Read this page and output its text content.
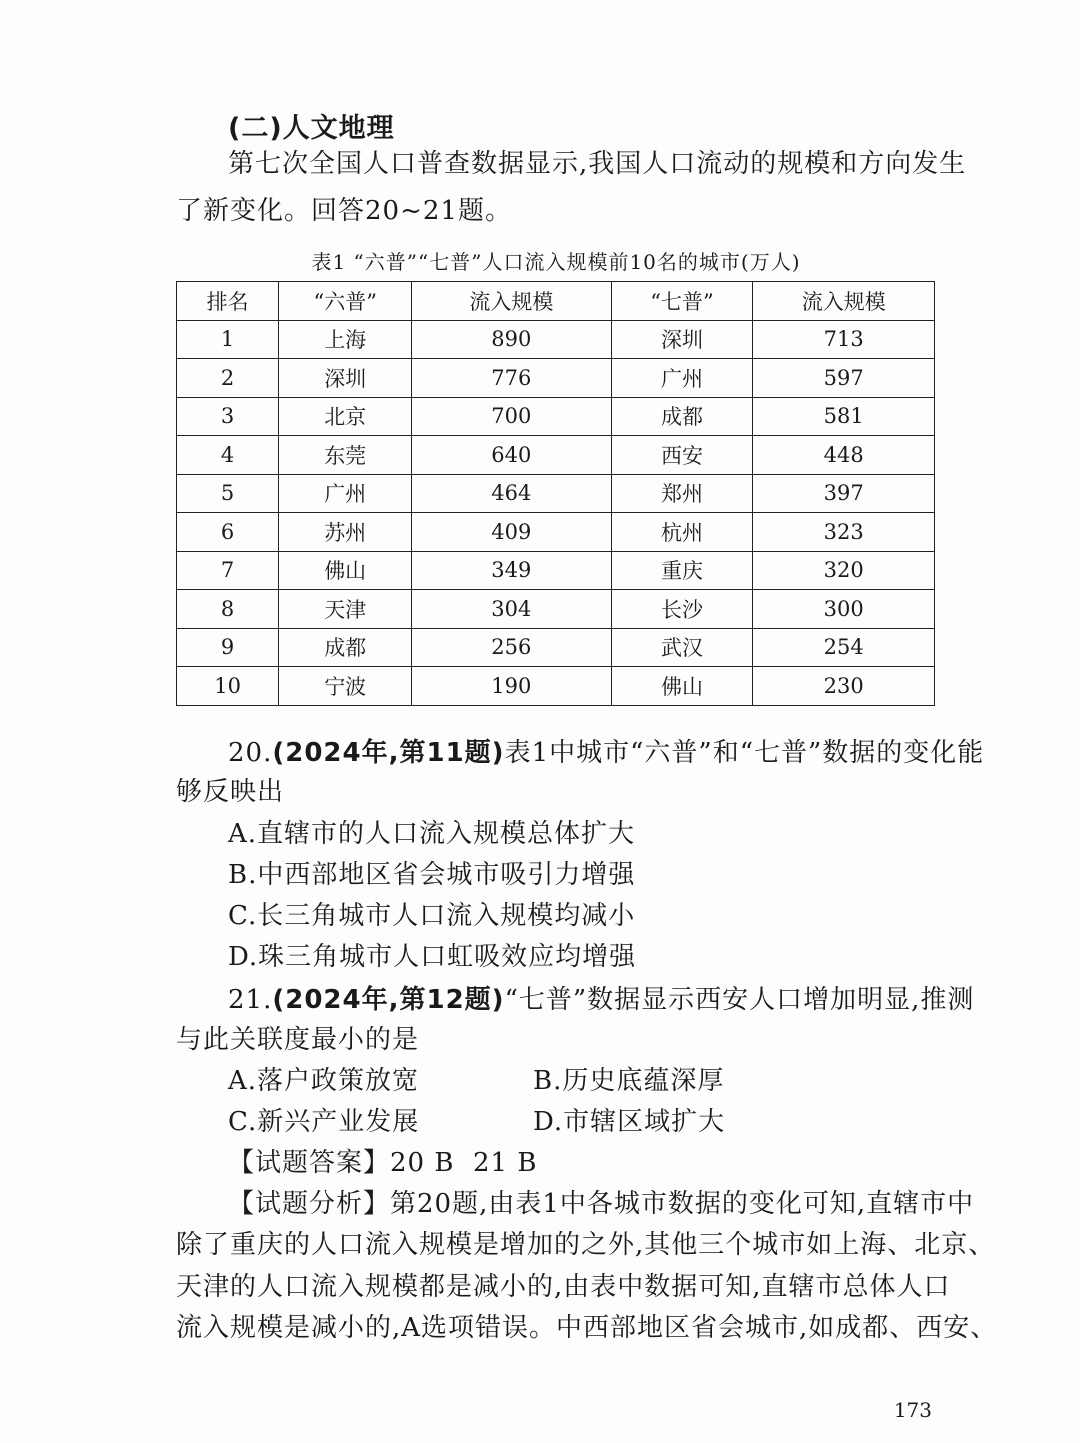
(二)人文地理
第七次全国人口普查数据显示,我国人口流动的规模和方向发生
了新变化。回答20~21题。
表1 “六普”“七普”人口流入规模前10名的城市(万人)
排名	“六普”	流入规模	“七普”	流入规模
1	上海	890	深圳	713
2	深圳	776	广州	597
3	北京	700	成都	581
4	东莞	640	西安	448
5	广州	464	郑州	397
6	苏州	409	杭州	323
7	佛山	349	重庆	320
8	天津	304	长沙	300
9	成都	256	武汉	254
10	宁波	190	佛山	230
20.(2024年,第11题)表1中城市“六普”和“七普”数据的变化能
够反映出
A.直辖市的人口流入规模总体扩大
B.中西部地区省会城市吸引力增强
C.长三角城市人口流入规模均减小
D.珠三角城市人口虹吸效应均增强
21.(2024年,第12题)“七普”数据显示西安人口增加明显,推测
与此关联度最小的是
A.落户政策放宽	B.历史底蕴深厚
C.新兴产业发展	D.市辖区域扩大
【试题答案】20 B  21 B
【试题分析】第20题,由表1中各城市数据的变化可知,直辖市中
除了重庆的人口流入规模是增加的之外,其他三个城市如上海、北京、
天津的人口流入规模都是减小的,由表中数据可知,直辖市总体人口
流入规模是减小的,A选项错误。中西部地区省会城市,如成都、西安、
173
